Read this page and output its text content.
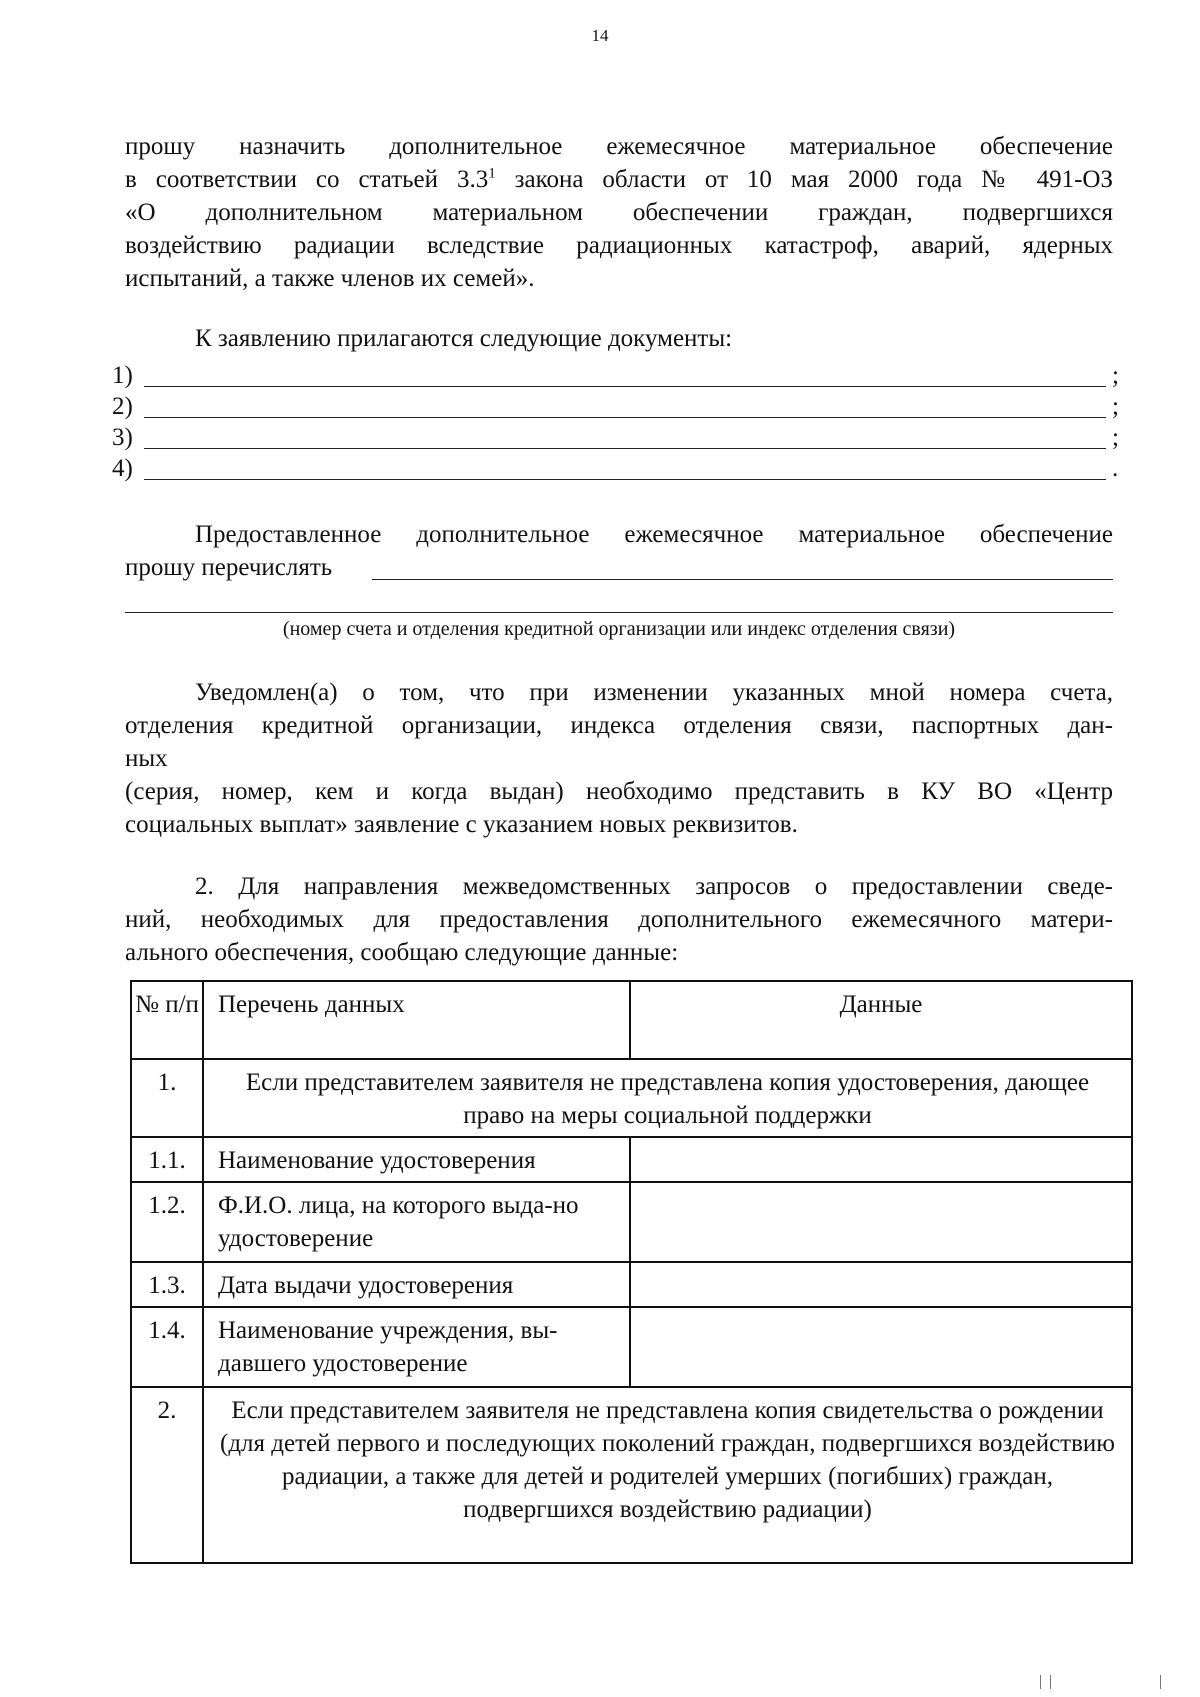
14
прошу назначить дополнительное ежемесячное материальное обеспечение
в соответствии со статьей $3.3^1$ закона области от 10 мая 2000 года № 491-ОЗ
«О дополнительном материальном обеспечении граждан, подвергшихся
воздействию радиации вследствие радиационных катастроф, аварий, ядерных
испытаний, а также членов их семей».
К заявлению прилагаются следующие документы:
1)	;
2)	;
3)	;
4)	.
Предоставленное дополнительное ежемесячное материальное обеспечение
прошу перечислять
(номер счета и отделения кредитной организации или индекс отделения связи)
Уведомлен(а) о том, что при изменении указанных мной номера счета,
отделения кредитной организации, индекса отделения связи, паспортных дан-
ных
(серия, номер, кем и когда выдан) необходимо представить в КУ ВО «Центр
социальных выплат» заявление с указанием новых реквизитов.
2. Для направления межведомственных запросов о предоставлении сведе-
ний, необходимых для предоставления дополнительного ежемесячного матери-
ального обеспечения, сообщаю следующие данные:
№ п/п	Перечень данных	Данные
1.	Если представителем заявителя не представлена копия удостоверения, дающее право на меры социальной поддержки	
1.1.	Наименование удостоверения	
1.2.	Ф.И.О. лица, на которого выда-но удостоверение	
1.3.	Дата выдачи удостоверения	
1.4.	Наименование учреждения, вы-давшего удостоверение	
2.	Если представителем заявителя не представлена копия свидетельства о рождении (для детей первого и последующих поколений граждан, подвергшихся воздействию радиации, а также для детей и родителей умерших (погибших) граждан, подвергшихся воздействию радиации)	
